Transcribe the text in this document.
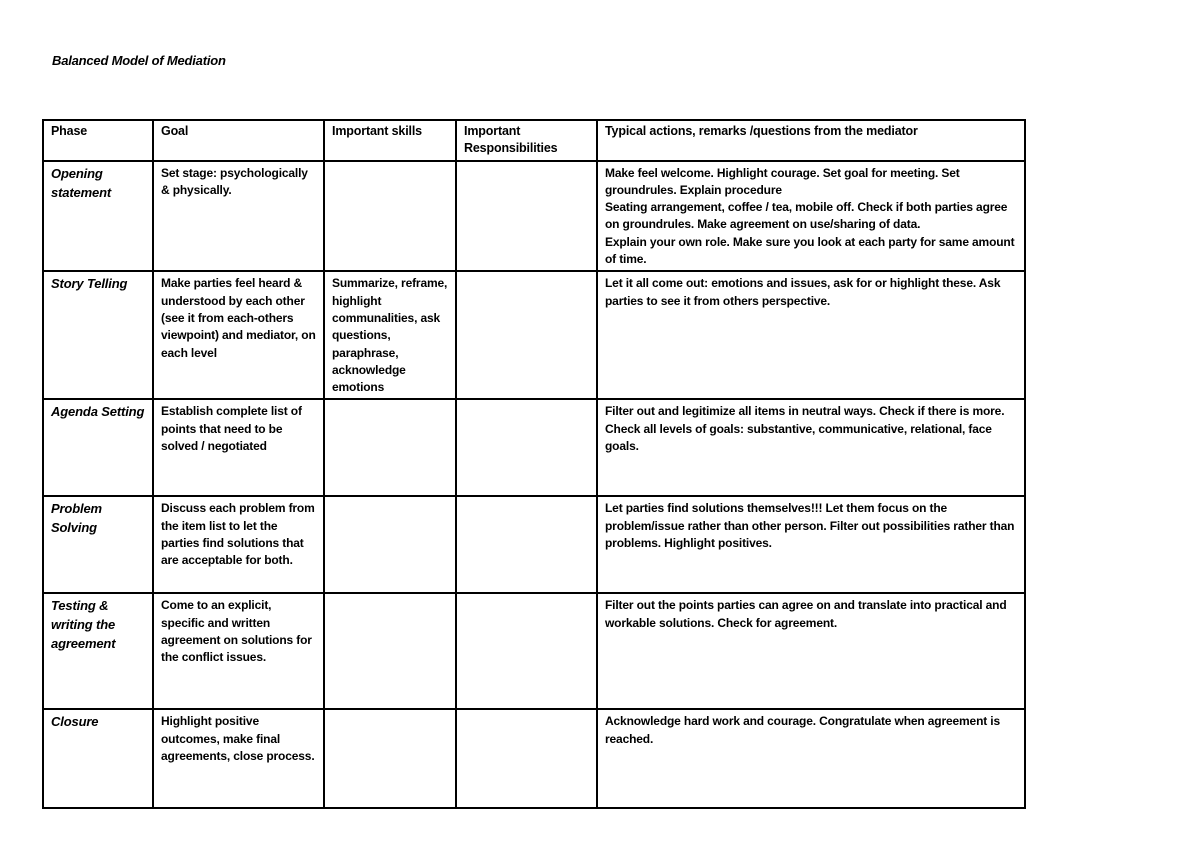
Balanced Model of Mediation
Phase	Goal	Important skills	Important Responsibilities	Typical actions, remarks /questions from the mediator
Opening statement	Set stage: psychologically & physically.			Make feel welcome. Highlight courage. Set goal for meeting. Set groundrules. Explain procedure
Seating arrangement, coffee / tea, mobile off. Check if both parties agree on groundrules. Make agreement on use/sharing of data.
Explain your own role. Make sure you look at each party for same amount of time.
Story Telling	Make parties feel heard & understood by each other (see it from each-others viewpoint) and mediator, on each level	Summarize, reframe, highlight communalities, ask questions, paraphrase, acknowledge emotions		Let it all come out: emotions and issues, ask for or highlight these. Ask parties to see it from others perspective.
Agenda Setting	Establish complete list of points that need to be solved / negotiated			Filter out and legitimize all items in neutral ways. Check if there is more. Check all levels of goals: substantive, communicative, relational, face goals.
Problem Solving	Discuss each problem from the item list to let the parties find solutions that are acceptable for both.			Let parties find solutions themselves!!! Let them focus on the problem/issue rather than other person. Filter out possibilities rather than problems. Highlight positives.
Testing & writing the agreement	Come to an explicit, specific and written agreement on solutions for the conflict issues.			Filter out the points parties can agree on and translate into practical and workable solutions. Check for agreement.
Closure	Highlight positive outcomes, make final agreements, close process.			Acknowledge hard work and courage. Congratulate when agreement is reached.
